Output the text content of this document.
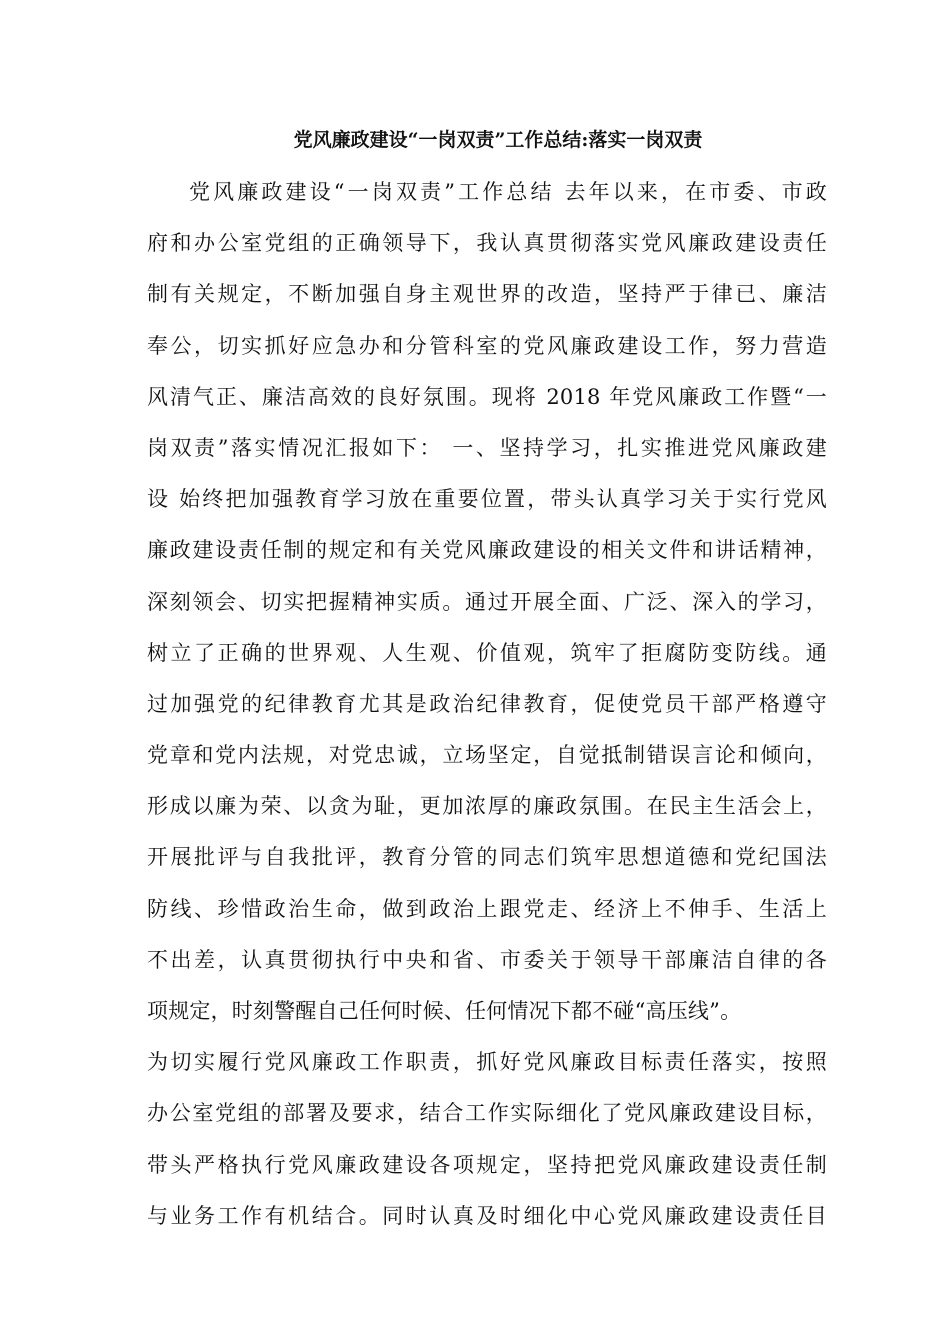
党风廉政建设“一岗双责”工作总结:落实一岗双责
党风廉政建设“一岗双责”工作总结 去年以来，在市委、市政
府和办公室党组的正确领导下，我认真贯彻落实党风廉政建设责任
制有关规定，不断加强自身主观世界的改造，坚持严于律已、廉洁
奉公，切实抓好应急办和分管科室的党风廉政建设工作，努力营造
风清气正、廉洁高效的良好氛围。现将 2018 年党风廉政工作暨“一
岗双责”落实情况汇报如下： 一、坚持学习，扎实推进党风廉政建
设 始终把加强教育学习放在重要位置，带头认真学习关于实行党风
廉政建设责任制的规定和有关党风廉政建设的相关文件和讲话精神，
深刻领会、切实把握精神实质。通过开展全面、广泛、深入的学习，
树立了正确的世界观、人生观、价值观，筑牢了拒腐防变防线。通
过加强党的纪律教育尤其是政治纪律教育，促使党员干部严格遵守
党章和党内法规，对党忠诚，立场坚定，自觉抵制错误言论和倾向，
形成以廉为荣、以贪为耻，更加浓厚的廉政氛围。在民主生活会上，
开展批评与自我批评，教育分管的同志们筑牢思想道德和党纪国法
防线、珍惜政治生命，做到政治上跟党走、经济上不伸手、生活上
不出差，认真贯彻执行中央和省、市委关于领导干部廉洁自律的各
项规定，时刻警醒自己任何时候、任何情况下都不碰“高压线”。
为切实履行党风廉政工作职责，抓好党风廉政目标责任落实，按照
办公室党组的部署及要求，结合工作实际细化了党风廉政建设目标，
带头严格执行党风廉政建设各项规定，坚持把党风廉政建设责任制
与业务工作有机结合。同时认真及时细化中心党风廉政建设责任目
